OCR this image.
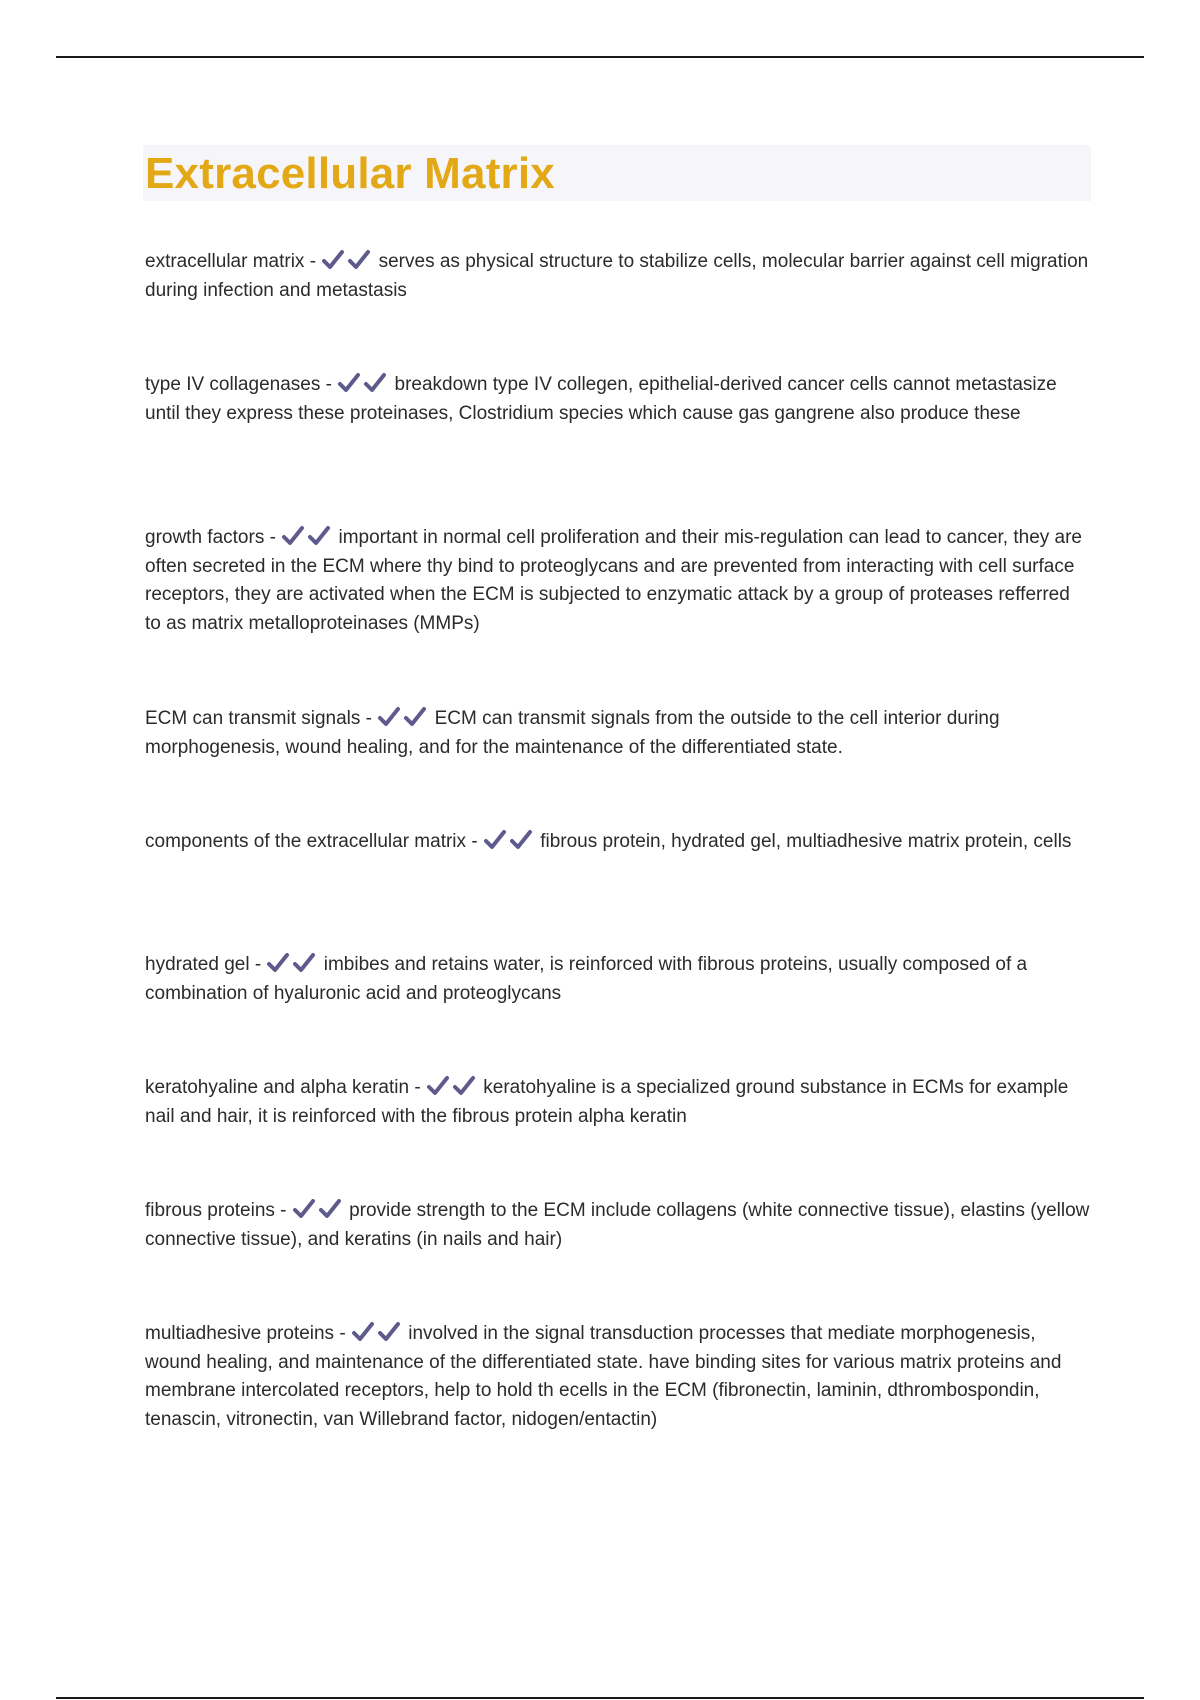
Extracellular Matrix

extracellular matrix -	serves as physical structure to stabilize cells, molecular barrier against cell migration during infection and metastasis

type IV collagenases -	breakdown type IV collegen, epithelial-derived cancer cells cannot metastasize until they express these proteinases, Clostridium species which cause gas gangrene also produce these

growth factors -	important in normal cell proliferation and their mis-regulation can lead to cancer, they are often secreted in the ECM where thy bind to proteoglycans and are prevented from interacting with cell surface receptors, they are activated when the ECM is subjected to enzymatic attack by a group of proteases refferred to as matrix metalloproteinases (MMPs)

ECM can transmit signals -	ECM can transmit signals from the outside to the cell interior during morphogenesis, wound healing, and for the maintenance of the differentiated state.

components of the extracellular matrix -	fibrous protein, hydrated gel, multiadhesive matrix protein, cells

hydrated gel -	imbibes and retains water, is reinforced with fibrous proteins, usually composed of a combination of hyaluronic acid and proteoglycans

keratohyaline and alpha keratin -	keratohyaline is a specialized ground substance in ECMs for example nail and hair, it is reinforced with the fibrous protein alpha keratin

fibrous proteins -	provide strength to the ECM include collagens (white connective tissue), elastins (yellow connective tissue), and keratins (in nails and hair)

multiadhesive proteins -	involved in the signal transduction processes that mediate morphogenesis, wound healing, and maintenance of the differentiated state. have binding sites for various matrix proteins and membrane intercolated receptors, help to hold th ecells in the ECM (fibronectin, laminin, dthrombospondin, tenascin, vitronectin, van Willebrand factor, nidogen/entactin)
